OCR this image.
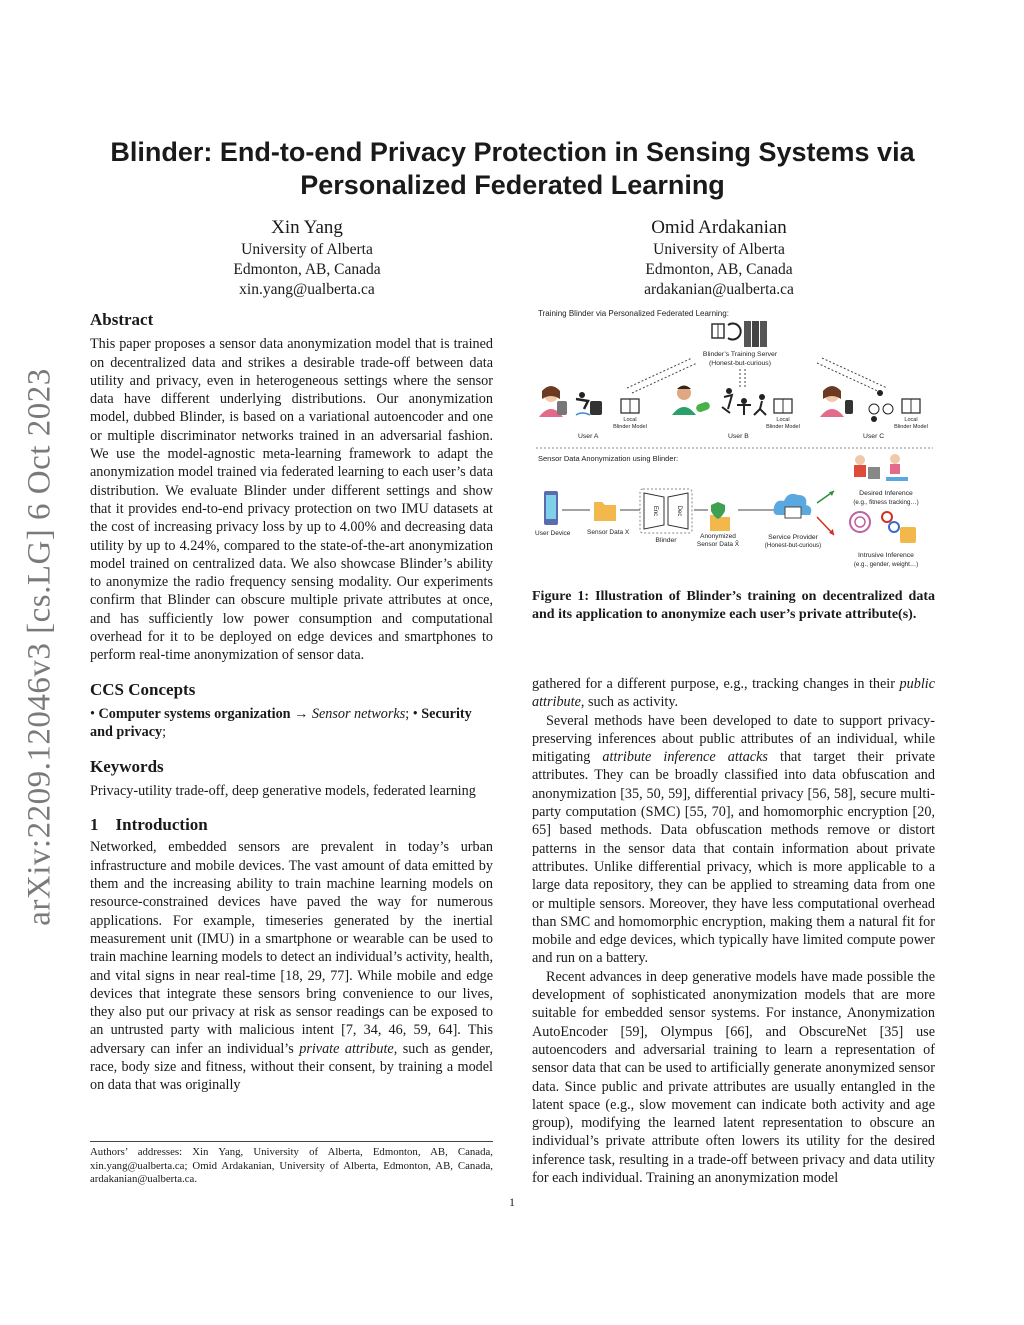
arXiv:2209.12046v3 [cs.LG] 6 Oct 2023
Blinder: End-to-end Privacy Protection in Sensing Systems via Personalized Federated Learning
Xin Yang
University of Alberta
Edmonton, AB, Canada
xin.yang@ualberta.ca
Omid Ardakanian
University of Alberta
Edmonton, AB, Canada
ardakanian@ualberta.ca
Abstract

This paper proposes a sensor data anonymization model that is trained on decentralized data and strikes a desirable trade-off between data utility and privacy, even in heterogeneous settings where the sensor data have different underlying distributions. Our anonymization model, dubbed Blinder, is based on a variational autoencoder and one or multiple discriminator networks trained in an adversarial fashion. We use the model-agnostic meta-learning framework to adapt the anonymization model trained via federated learning to each user’s data distribution. We evaluate Blinder under different settings and show that it provides end-to-end privacy protection on two IMU datasets at the cost of increasing privacy loss by up to 4.00% and decreasing data utility by up to 4.24%, compared to the state-of-the-art anonymization model trained on centralized data. We also showcase Blinder’s ability to anonymize the radio frequency sensing modality. Our experiments confirm that Blinder can obscure multiple private attributes at once, and has sufficiently low power consumption and computational overhead for it to be deployed on edge devices and smartphones to perform real-time anonymization of sensor data.

CCS Concepts

• Computer systems organization → Sensor networks; • Security and privacy;

Keywords

Privacy-utility trade-off, deep generative models, federated learning

1    Introduction

Networked, embedded sensors are prevalent in today’s urban infrastructure and mobile devices. The vast amount of data emitted by them and the increasing ability to train machine learning models on resource-constrained devices have paved the way for numerous applications. For example, timeseries generated by the inertial measurement unit (IMU) in a smartphone or wearable can be used to train machine learning models to detect an individual’s activity, health, and vital signs in near real-time [18, 29, 77]. While mobile and edge devices that integrate these sensors bring convenience to our lives, they also put our privacy at risk as sensor readings can be exposed to an untrusted party with malicious intent [7, 34, 46, 59, 64]. This adversary can infer an individual’s private attribute, such as gender, race, body size and fitness, without their consent, by training a model on data that was originally

Authors’ addresses: Xin Yang, University of Alberta, Edmonton, AB, Canada, xin.yang@ualberta.ca; Omid Ardakanian, University of Alberta, Edmonton, AB, Canada, ardakanian@ualberta.ca.
Training Blinder via Personalized Federated Learning:
Blinder’s Training Server
(Honest-but-curious)
Local
Blinder Model
User A
Local
Blinder Model
User B
Local
Blinder Model
User C
Sensor Data Anonymization using Blinder:
User Device	Sensor Data X
Enc	Dec
Blinder
Anonymized
Sensor Data X̂
Service Provider
(Honest-but-curious)
Desired Inference
(e.g., fitness tracking…)
Intrusive Inference
(e.g., gender, weight…)
Figure 1: Illustration of Blinder’s training on decentralized data and its application to anonymize each user’s private attribute(s).

gathered for a different purpose, e.g., tracking changes in their public attribute, such as activity.

Several methods have been developed to date to support privacy-preserving inferences about public attributes of an individual, while mitigating attribute inference attacks that target their private attributes. They can be broadly classified into data obfuscation and anonymization [35, 50, 59], differential privacy [56, 58], secure multi-party computation (SMC) [55, 70], and homomorphic encryption [20, 65] based methods. Data obfuscation methods remove or distort patterns in the sensor data that contain information about private attributes. Unlike differential privacy, which is more applicable to a large data repository, they can be applied to streaming data from one or multiple sensors. Moreover, they have less computational overhead than SMC and homomorphic encryption, making them a natural fit for mobile and edge devices, which typically have limited compute power and run on a battery.

Recent advances in deep generative models have made possible the development of sophisticated anonymization models that are more suitable for embedded sensor systems. For instance, Anonymization AutoEncoder [59], Olympus [66], and ObscureNet [35] use autoencoders and adversarial training to learn a representation of sensor data that can be used to artificially generate anonymized sensor data. Since public and private attributes are usually entangled in the latent space (e.g., slow movement can indicate both activity and age group), modifying the learned latent representation to obscure an individual’s private attribute often lowers its utility for the desired inference task, resulting in a trade-off between privacy and data utility for each individual. Training an anonymization model

1
